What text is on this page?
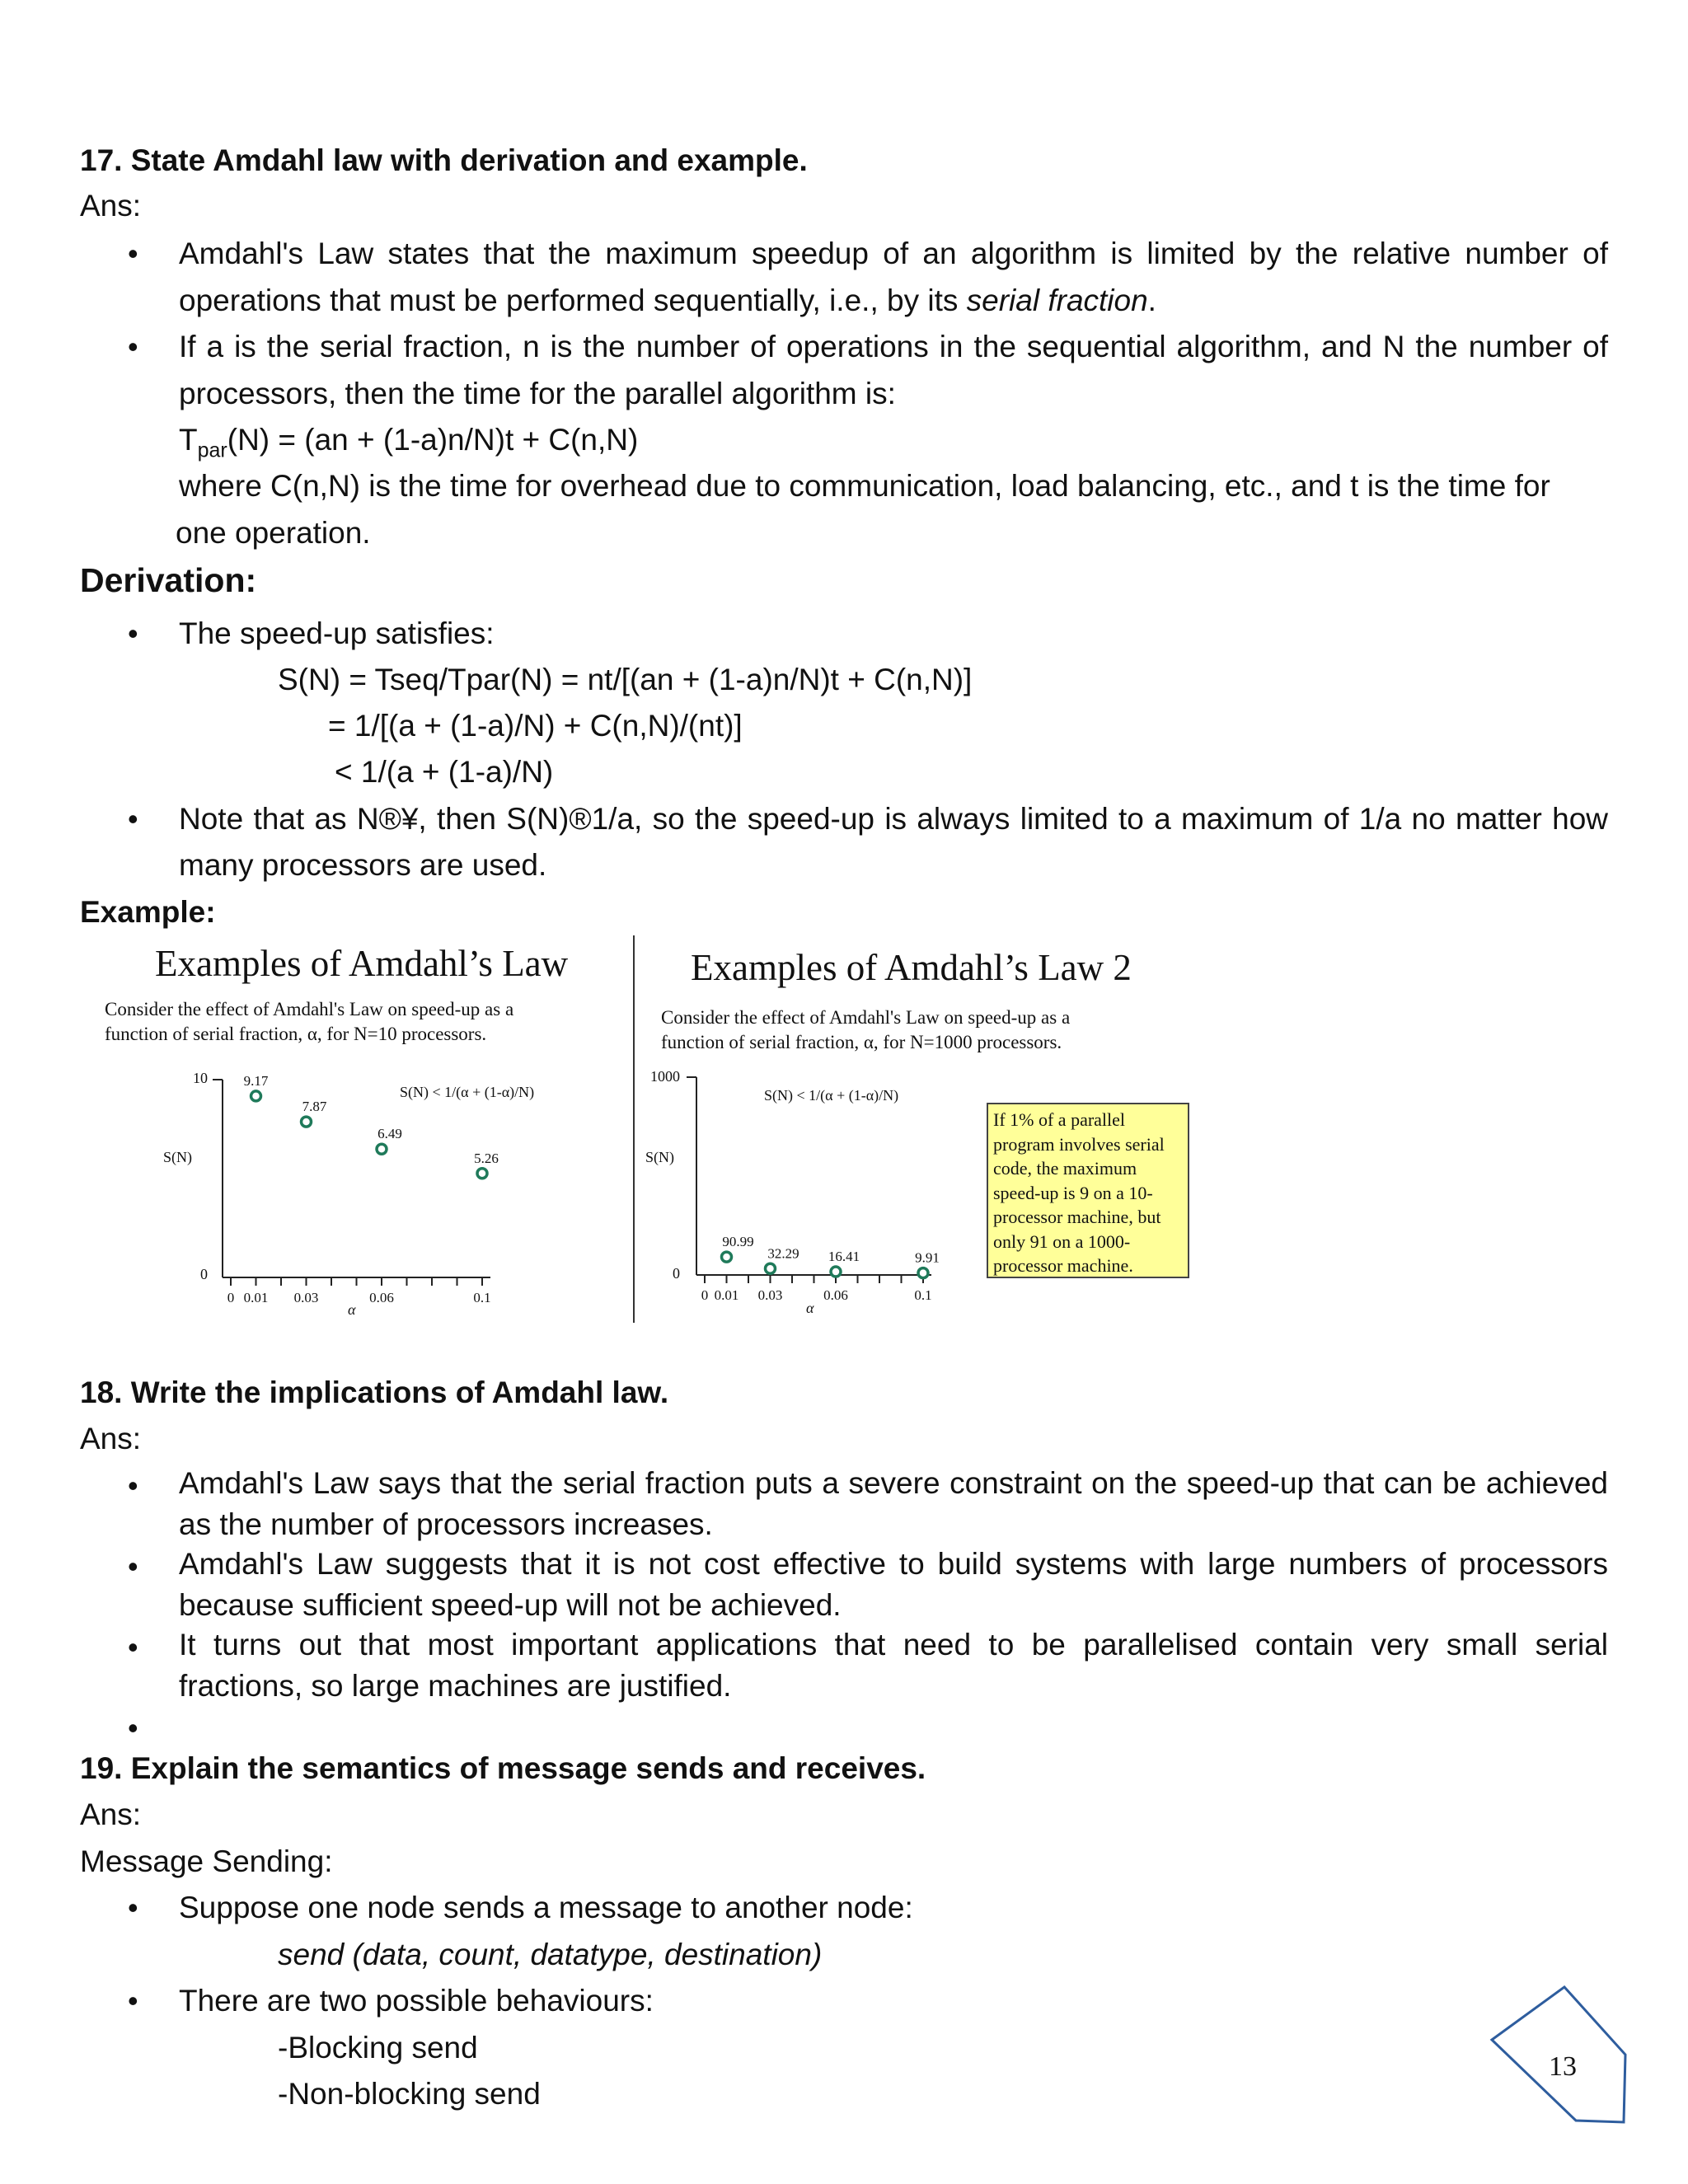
17. State Amdahl law with derivation and example.
Ans:
• Amdahl's Law states that the maximum speedup of an algorithm is limited by the relative number of
operations that must be performed sequentially, i.e., by its serial fraction.
• If a is the serial fraction, n is the number of operations in the sequential algorithm, and N the number of
processors, then the time for the parallel algorithm is:
$T_{par}(N) = (an + (1-a)n/N)t + C(n,N)$
where C(n,N) is the time for overhead due to communication, load balancing, etc., and t is the time for
one operation.
Derivation:
• The speed-up satisfies:
S(N) = Tseq/Tpar(N) = nt/[(an + (1-a)n/N)t + C(n,N)]
= 1/[(a + (1-a)/N) + C(n,N)/(nt)]
< 1/(a + (1-a)/N)
• Note that as N®¥, then S(N)®1/a, so the speed-up is always limited to a maximum of 1/a no matter how
many processors are used.
Example:
Examples of Amdahl’s Law
Consider the effect of Amdahl's Law on speed-up as a
function of serial fraction, α, for N=10 processors.
10
0
S(N)
S(N) < 1/(α + (1-α)/N)
α
0 0.01 0.03	0.06	0.1
9.17
7.87
6.49
5.26
Examples of Amdahl’s Law 2
Consider the effect of Amdahl's Law on speed-up as a
function of serial fraction, α, for N=1000 processors.
1000
0
S(N)
S(N) < 1/(α + (1-α)/N)
α
0 0.01 0.03	0.06	0.1
90.99
32.29 16.41	9.91
If 1% of a parallel
program involves serial
code, the maximum
speed-up is 9 on a 10-
processor machine, but
only 91 on a 1000-
processor machine.
18. Write the implications of Amdahl law.
Ans:
• Amdahl's Law says that the serial fraction puts a severe constraint on the speed-up that can be achieved
as the number of processors increases.
• Amdahl's Law suggests that it is not cost effective to build systems with large numbers of processors
because sufficient speed-up will not be achieved.
• It turns out that most important applications that need to be parallelised contain very small serial
fractions, so large machines are justified.
•
19. Explain the semantics of message sends and receives.
Ans:
Message Sending:
• Suppose one node sends a message to another node:
send (data, count, datatype, destination)
• There are two possible behaviours:
-Blocking send
-Non-blocking send
13
